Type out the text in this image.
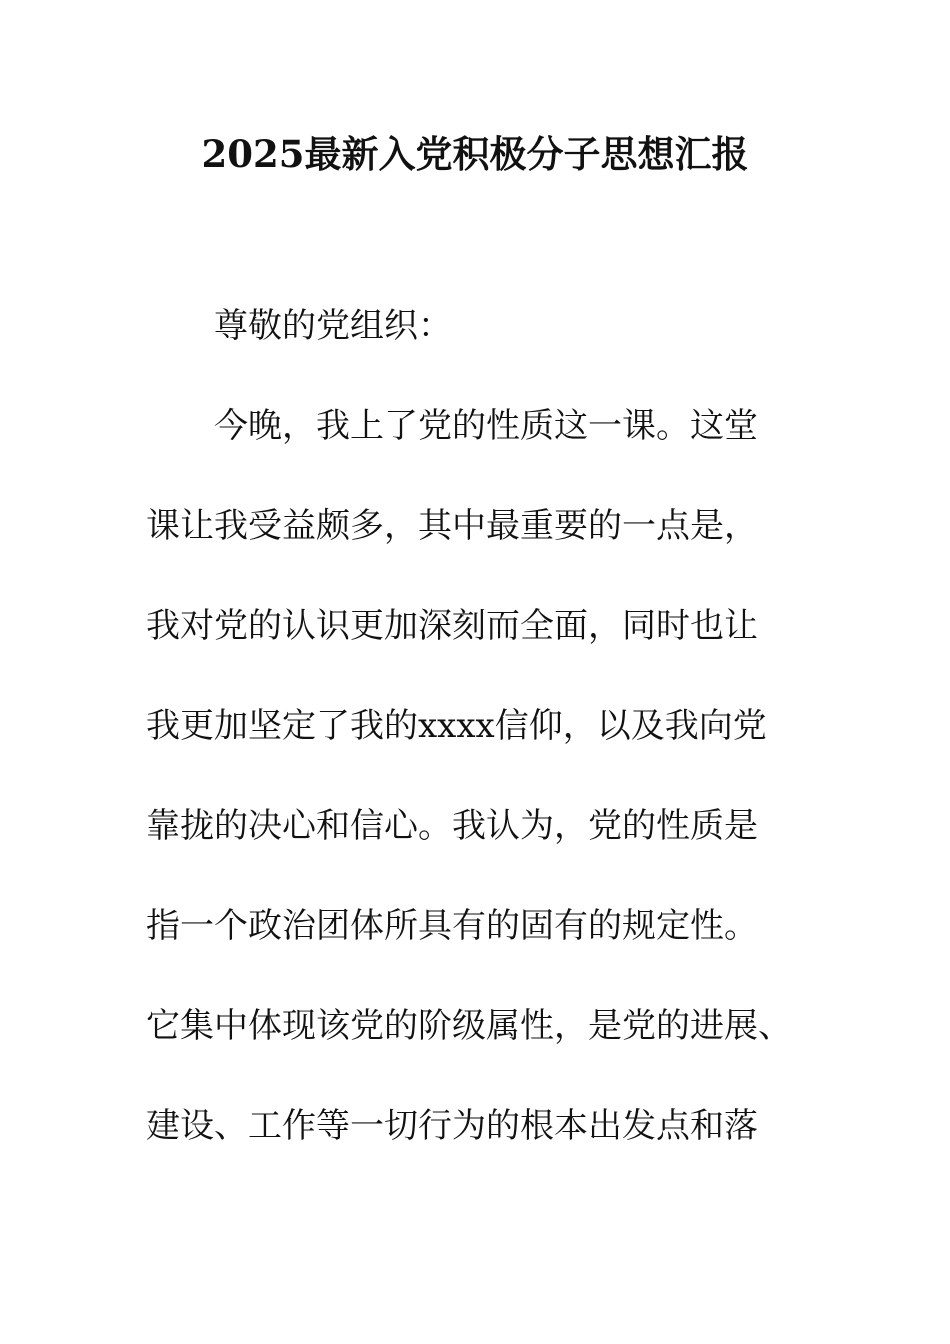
2025最新入党积极分子思想汇报
尊敬的党组织：
今晚，我上了党的性质这一课。这堂
课让我受益颇多，其中最重要的一点是，
我对党的认识更加深刻而全面，同时也让
我更加坚定了我的xxxx信仰，以及我向党
靠拢的决心和信心。我认为，党的性质是
指一个政治团体所具有的固有的规定性。
它集中体现该党的阶级属性，是党的进展、
建设、工作等一切行为的根本出发点和落
